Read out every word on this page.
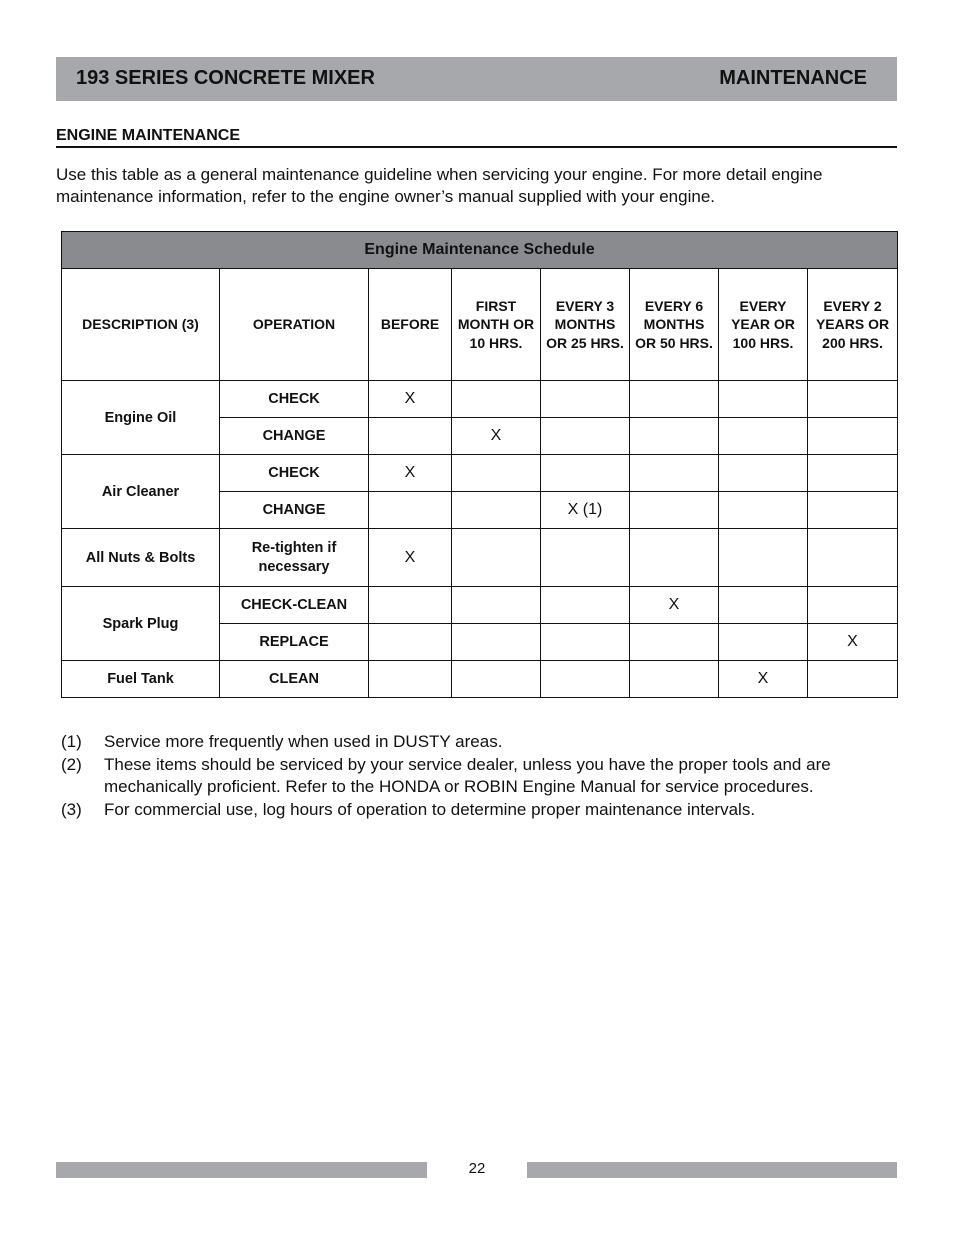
193 SERIES CONCRETE MIXER	MAINTENANCE
ENGINE MAINTENANCE
Use this table as a general maintenance guideline when servicing your engine. For more detail engine maintenance information, refer to the engine owner’s manual supplied with your engine.
Engine Maintenance Schedule							
DESCRIPTION (3)	OPERATION	BEFORE	FIRST MONTH OR 10 HRS.	EVERY 3 MONTHS OR 25 HRS.	EVERY 6 MONTHS OR 50 HRS.	EVERY YEAR OR 100 HRS.	EVERY 2 YEARS OR 200 HRS.
Engine Oil	CHECK	X					
	CHANGE		X				
Air Cleaner	CHECK	X					
	CHANGE			X (1)			
All Nuts & Bolts	Re-tighten if necessary	X					
Spark Plug	CHECK-CLEAN				X		
	REPLACE						X
Fuel Tank	CLEAN					X	
(1)	Service more frequently when used in DUSTY areas.
(2)	These items should be serviced by your service dealer, unless you have the proper tools and are mechanically proficient. Refer to the HONDA or ROBIN Engine Manual for service procedures.
(3)	For commercial use, log hours of operation to determine proper maintenance intervals.
22
